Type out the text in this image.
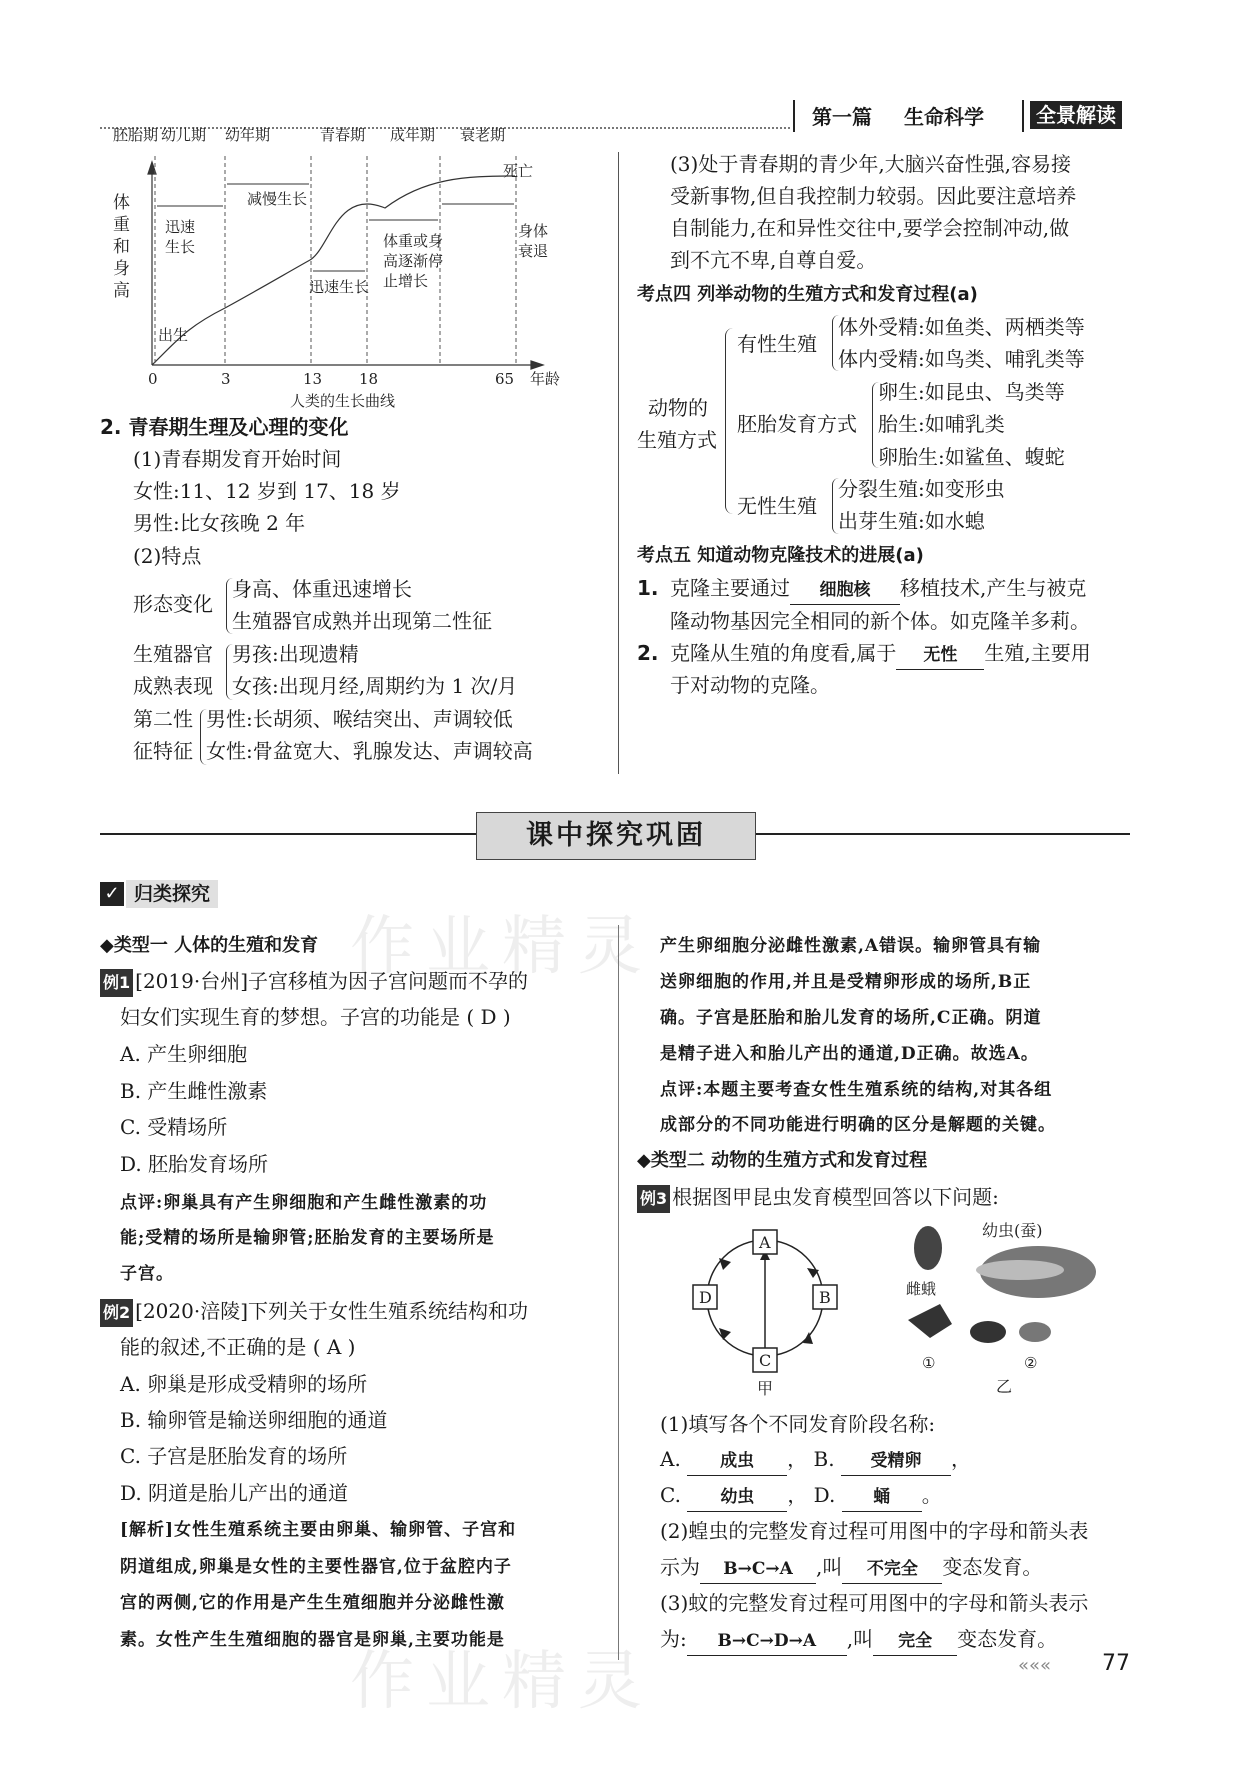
第一篇 生命科学	全景解读
胚胎期 幼儿期 幼年期	青春期 成年期 衰老期
死亡
身体
衰退
体
重
和
身
高
出生
迅速
生长
减慢生长
迅速生长
体重或身
高逐渐停
止增长
0	3	13 18	65 年龄
人类的生长曲线
2. 青春期生理及心理的变化
(1)青春期发育开始时间
女性:11、12 岁到 17、18 岁
男性:比女孩晚 2 年
(2)特点
形态变化
身高、体重迅速增长
生殖器官成熟并出现第二性征
生殖器官
成熟表现
男孩:出现遗精
女孩:出现月经,周期约为 1 次/月
第二性
征特征
男性:长胡须、喉结突出、声调较低
女性:骨盆宽大、乳腺发达、声调较高
(3)处于青春期的青少年,大脑兴奋性强,容易接
受新事物,但自我控制力较弱。因此要注意培养
自制能力,在和异性交往中,要学会控制冲动,做
到不亢不卑,自尊自爱。
考点四 列举动物的生殖方式和发育过程(a)
动物的
生殖方式
有性生殖
体外受精:如鱼类、两栖类等
体内受精:如鸟类、哺乳类等
胚胎发育方式
卵生:如昆虫、鸟类等
胎生:如哺乳类
卵胎生:如鲨鱼、蝮蛇
无性生殖
分裂生殖:如变形虫
出芽生殖:如水螅
考点五 知道动物克隆技术的进展(a)
1. 克隆主要通过 细胞核 移植技术,产生与被克
隆动物基因完全相同的新个体。如克隆羊多莉。
2. 克隆从生殖的角度看,属于 无性 生殖,主要用
于对动物的克隆。
课中探究巩固
✓ 归类探究
作业精灵
作业精灵
◆类型一 人体的生殖和发育
例1 [2019·台州]子宫移植为因子宫问题而不孕的
妇女们实现生育的梦想。子宫的功能是 ( D )
A. 产生卵细胞
B. 产生雌性激素
C. 受精场所
D. 胚胎发育场所
点评:卵巢具有产生卵细胞和产生雌性激素的功
能;受精的场所是输卵管;胚胎发育的主要场所是
子宫。
例2 [2020·涪陵]下列关于女性生殖系统结构和功
能的叙述,不正确的是 ( A )
A. 卵巢是形成受精卵的场所
B. 输卵管是输送卵细胞的通道
C. 子宫是胚胎发育的场所
D. 阴道是胎儿产出的通道
[解析]女性生殖系统主要由卵巢、输卵管、子宫和
阴道组成,卵巢是女性的主要性器官,位于盆腔内子
宫的两侧,它的作用是产生生殖细胞并分泌雌性激
素。女性产生生殖细胞的器官是卵巢,主要功能是
产生卵细胞分泌雌性激素,A错误。输卵管具有输
送卵细胞的作用,并且是受精卵形成的场所,B正
确。子宫是胚胎和胎儿发育的场所,C正确。阴道
是精子进入和胎儿产出的通道,D正确。故选A。
点评:本题主要考查女性生殖系统的结构,对其各组
成部分的不同功能进行明确的区分是解题的关键。
◆类型二 动物的生殖方式和发育过程
例3 根据图甲昆虫发育模型回答以下问题:
A
B
C
D
甲
幼虫(蚕)
雌蛾
①	②
乙
(1)填写各个不同发育阶段名称:
A. 成虫 ， B. 受精卵 ，
C. 幼虫 ， D. 蛹 。
(2)蝗虫的完整发育过程可用图中的字母和箭头表
示为 B→C→A ,叫 不完全 变态发育。
(3)蚊的完整发育过程可用图中的字母和箭头表示
为: B→C→D→A ,叫 完全 变态发育。
««« 77
